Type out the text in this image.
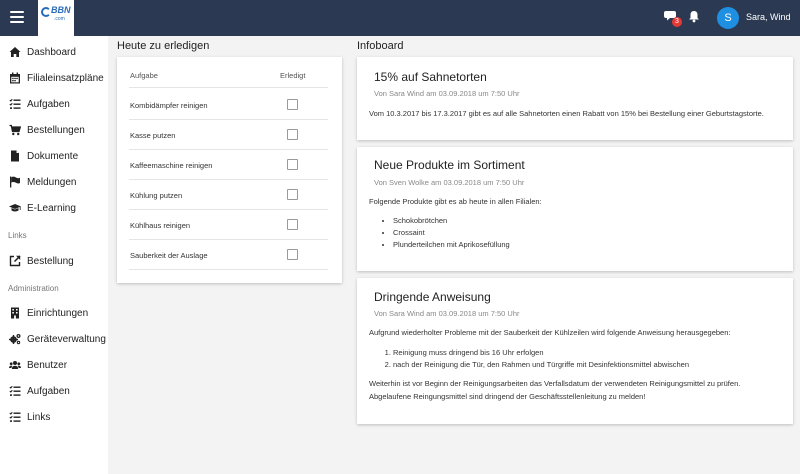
BBN
.com	3	S	Sara, Wind
Dashboard
Filialeinsatzpläne
Aufgaben
Bestellungen
Dokumente
Meldungen
E-Learning
Links
Bestellung
Administration
Einrichtungen
Geräteverwaltung
Benutzer
Aufgaben
Links
Heute zu erledigen
Aufgabe	Erledigt
Kombidämpfer reinigen
Kasse putzen
Kaffeemaschine reinigen
Kühlung putzen
Kühlhaus reinigen
Sauberkeit der Auslage
Infoboard
15% auf Sahnetorten
Von Sara Wind am 03.09.2018 um 7:50 Uhr
Vom 10.3.2017 bis 17.3.2017 gibt es auf alle Sahnetorten einen Rabatt von 15% bei Bestellung einer Geburtstagstorte.
Neue Produkte im Sortiment
Von Sven Wolke am 03.09.2018 um 7:50 Uhr
Folgende Produkte gibt es ab heute in allen Filialen:
• Schokobrötchen
• Crossaint
• Plunderteilchen mit Aprikosefüllung
Dringende Anweisung
Von Sara Wind am 03.09.2018 um 7:50 Uhr
Aufgrund wiederholter Probleme mit der Sauberkeit der Kühlzeilen wird folgende Anweisung herausgegeben:
1. Reinigung muss dringend bis 16 Uhr erfolgen
2. nach der Reinigung die Tür, den Rahmen und Türgriffe mit Desinfektionsmittel abwischen
Weiterhin ist vor Beginn der Reinigungsarbeiten das Verfallsdatum der verwendeten Reinigungsmittel zu prüfen.
Abgelaufene Reingungsmittel sind dringend der Geschäftsstellenleitung zu melden!
